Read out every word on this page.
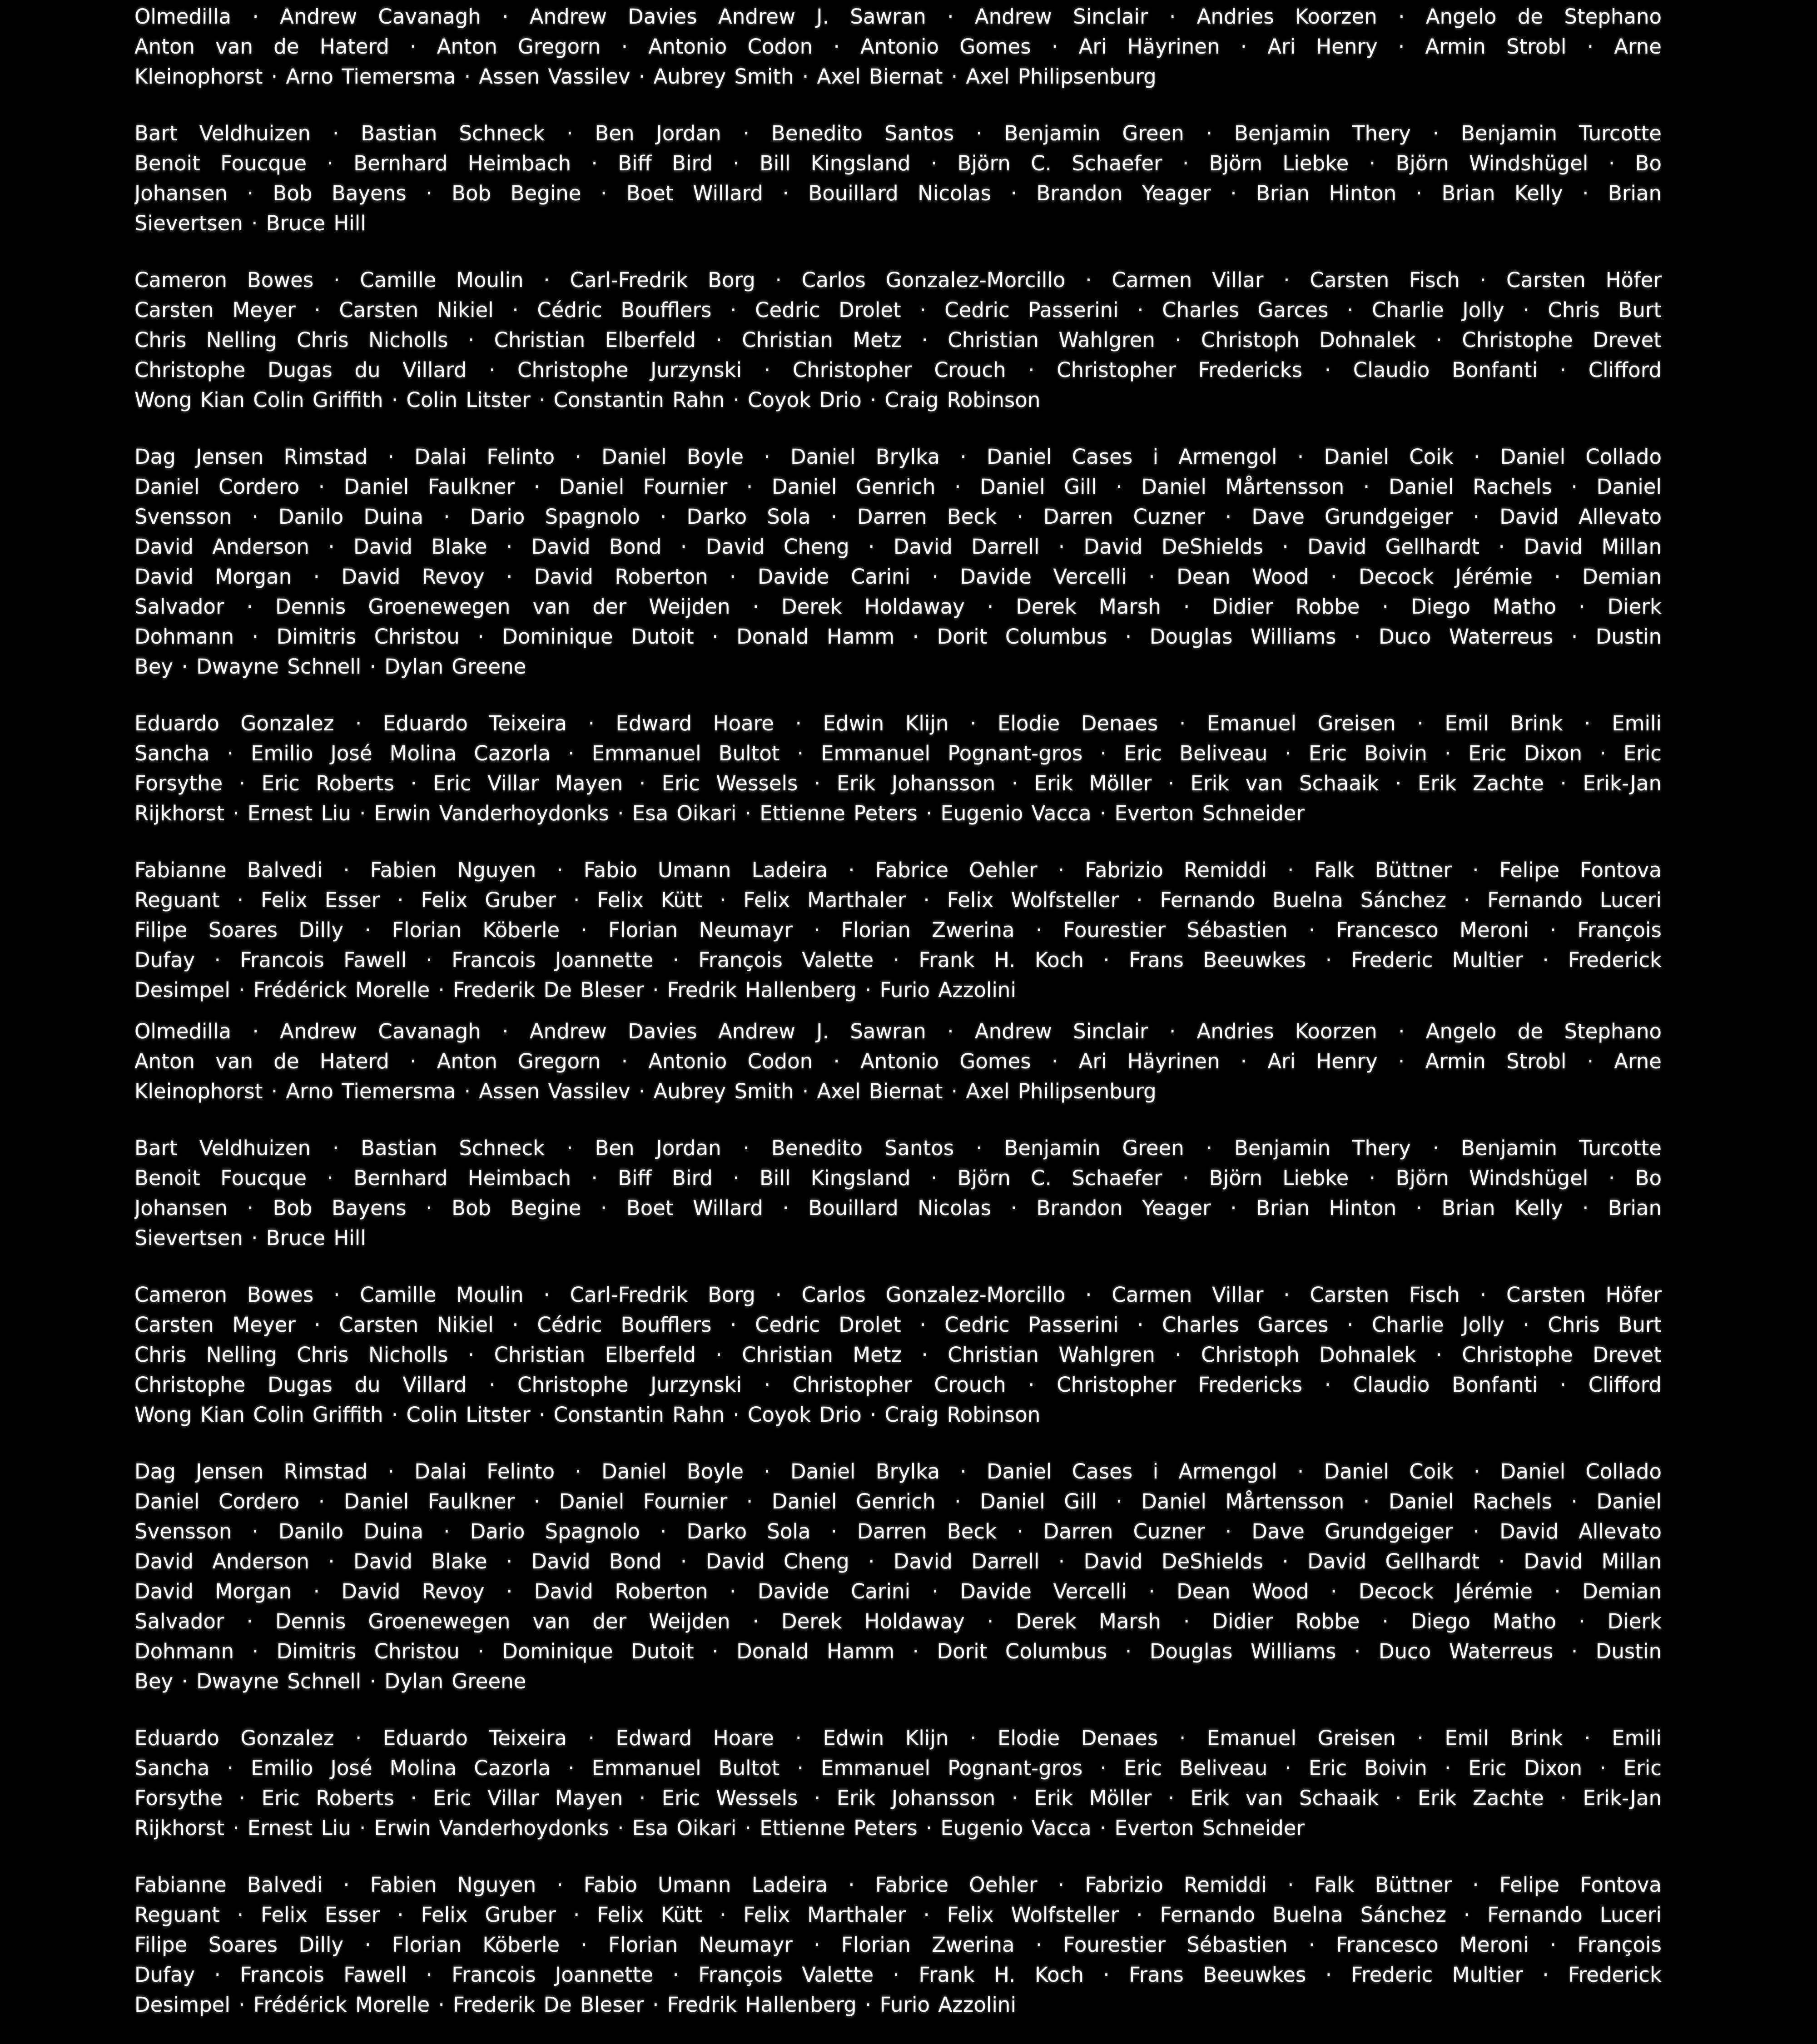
Olmedilla · Andrew Cavanagh · Andrew Davies Andrew J. Sawran · Andrew Sinclair · Andries Koorzen · Angelo de Stephano
Anton van de Haterd · Anton Gregorn · Antonio Codon · Antonio Gomes · Ari Häyrinen · Ari Henry · Armin Strobl · Arne
Kleinophorst · Arno Tiemersma · Assen Vassilev · Aubrey Smith · Axel Biernat · Axel Philipsenburg
Bart Veldhuizen · Bastian Schneck · Ben Jordan · Benedito Santos · Benjamin Green · Benjamin Thery · Benjamin Turcotte
Benoit Foucque · Bernhard Heimbach · Biff Bird · Bill Kingsland · Björn C. Schaefer · Björn Liebke · Björn Windshügel · Bo
Johansen · Bob Bayens · Bob Begine · Boet Willard · Bouillard Nicolas · Brandon Yeager · Brian Hinton · Brian Kelly · Brian
Sievertsen · Bruce Hill
Cameron Bowes · Camille Moulin · Carl-Fredrik Borg · Carlos Gonzalez-Morcillo · Carmen Villar · Carsten Fisch · Carsten Höfer
Carsten Meyer · Carsten Nikiel · Cédric Boufflers · Cedric Drolet · Cedric Passerini · Charles Garces · Charlie Jolly · Chris Burt
Chris Nelling Chris Nicholls · Christian Elberfeld · Christian Metz · Christian Wahlgren · Christoph Dohnalek · Christophe Drevet
Christophe Dugas du Villard · Christophe Jurzynski · Christopher Crouch · Christopher Fredericks · Claudio Bonfanti · Clifford
Wong Kian Colin Griffith · Colin Litster · Constantin Rahn · Coyok Drio · Craig Robinson
Dag Jensen Rimstad · Dalai Felinto · Daniel Boyle · Daniel Brylka · Daniel Cases i Armengol · Daniel Coik · Daniel Collado
Daniel Cordero · Daniel Faulkner · Daniel Fournier · Daniel Genrich · Daniel Gill · Daniel Mårtensson · Daniel Rachels · Daniel
Svensson · Danilo Duina · Dario Spagnolo · Darko Sola · Darren Beck · Darren Cuzner · Dave Grundgeiger · David Allevato
David Anderson · David Blake · David Bond · David Cheng · David Darrell · David DeShields · David Gellhardt · David Millan
David Morgan · David Revoy · David Roberton · Davide Carini · Davide Vercelli · Dean Wood · Decock Jérémie · Demian
Salvador · Dennis Groenewegen van der Weijden · Derek Holdaway · Derek Marsh · Didier Robbe · Diego Matho · Dierk
Dohmann · Dimitris Christou · Dominique Dutoit · Donald Hamm · Dorit Columbus · Douglas Williams · Duco Waterreus · Dustin
Bey · Dwayne Schnell · Dylan Greene
Eduardo Gonzalez · Eduardo Teixeira · Edward Hoare · Edwin Klijn · Elodie Denaes · Emanuel Greisen · Emil Brink · Emili
Sancha · Emilio José Molina Cazorla · Emmanuel Bultot · Emmanuel Pognant-gros · Eric Beliveau · Eric Boivin · Eric Dixon · Eric
Forsythe · Eric Roberts · Eric Villar Mayen · Eric Wessels · Erik Johansson · Erik Möller · Erik van Schaaik · Erik Zachte · Erik-Jan
Rijkhorst · Ernest Liu · Erwin Vanderhoydonks · Esa Oikari · Ettienne Peters · Eugenio Vacca · Everton Schneider
Fabianne Balvedi · Fabien Nguyen · Fabio Umann Ladeira · Fabrice Oehler · Fabrizio Remiddi · Falk Büttner · Felipe Fontova
Reguant · Felix Esser · Felix Gruber · Felix Kütt · Felix Marthaler · Felix Wolfsteller · Fernando Buelna Sánchez · Fernando Luceri
Filipe Soares Dilly · Florian Köberle · Florian Neumayr · Florian Zwerina · Fourestier Sébastien · Francesco Meroni · François
Dufay · Francois Fawell · Francois Joannette · François Valette · Frank H. Koch · Frans Beeuwkes · Frederic Multier · Frederick
Desimpel · Frédérick Morelle · Frederik De Bleser · Fredrik Hallenberg · Furio Azzolini
Olmedilla · Andrew Cavanagh · Andrew Davies Andrew J. Sawran · Andrew Sinclair · Andries Koorzen · Angelo de Stephano
Anton van de Haterd · Anton Gregorn · Antonio Codon · Antonio Gomes · Ari Häyrinen · Ari Henry · Armin Strobl · Arne
Kleinophorst · Arno Tiemersma · Assen Vassilev · Aubrey Smith · Axel Biernat · Axel Philipsenburg
Bart Veldhuizen · Bastian Schneck · Ben Jordan · Benedito Santos · Benjamin Green · Benjamin Thery · Benjamin Turcotte
Benoit Foucque · Bernhard Heimbach · Biff Bird · Bill Kingsland · Björn C. Schaefer · Björn Liebke · Björn Windshügel · Bo
Johansen · Bob Bayens · Bob Begine · Boet Willard · Bouillard Nicolas · Brandon Yeager · Brian Hinton · Brian Kelly · Brian
Sievertsen · Bruce Hill
Cameron Bowes · Camille Moulin · Carl-Fredrik Borg · Carlos Gonzalez-Morcillo · Carmen Villar · Carsten Fisch · Carsten Höfer
Carsten Meyer · Carsten Nikiel · Cédric Boufflers · Cedric Drolet · Cedric Passerini · Charles Garces · Charlie Jolly · Chris Burt
Chris Nelling Chris Nicholls · Christian Elberfeld · Christian Metz · Christian Wahlgren · Christoph Dohnalek · Christophe Drevet
Christophe Dugas du Villard · Christophe Jurzynski · Christopher Crouch · Christopher Fredericks · Claudio Bonfanti · Clifford
Wong Kian Colin Griffith · Colin Litster · Constantin Rahn · Coyok Drio · Craig Robinson
Dag Jensen Rimstad · Dalai Felinto · Daniel Boyle · Daniel Brylka · Daniel Cases i Armengol · Daniel Coik · Daniel Collado
Daniel Cordero · Daniel Faulkner · Daniel Fournier · Daniel Genrich · Daniel Gill · Daniel Mårtensson · Daniel Rachels · Daniel
Svensson · Danilo Duina · Dario Spagnolo · Darko Sola · Darren Beck · Darren Cuzner · Dave Grundgeiger · David Allevato
David Anderson · David Blake · David Bond · David Cheng · David Darrell · David DeShields · David Gellhardt · David Millan
David Morgan · David Revoy · David Roberton · Davide Carini · Davide Vercelli · Dean Wood · Decock Jérémie · Demian
Salvador · Dennis Groenewegen van der Weijden · Derek Holdaway · Derek Marsh · Didier Robbe · Diego Matho · Dierk
Dohmann · Dimitris Christou · Dominique Dutoit · Donald Hamm · Dorit Columbus · Douglas Williams · Duco Waterreus · Dustin
Bey · Dwayne Schnell · Dylan Greene
Eduardo Gonzalez · Eduardo Teixeira · Edward Hoare · Edwin Klijn · Elodie Denaes · Emanuel Greisen · Emil Brink · Emili
Sancha · Emilio José Molina Cazorla · Emmanuel Bultot · Emmanuel Pognant-gros · Eric Beliveau · Eric Boivin · Eric Dixon · Eric
Forsythe · Eric Roberts · Eric Villar Mayen · Eric Wessels · Erik Johansson · Erik Möller · Erik van Schaaik · Erik Zachte · Erik-Jan
Rijkhorst · Ernest Liu · Erwin Vanderhoydonks · Esa Oikari · Ettienne Peters · Eugenio Vacca · Everton Schneider
Fabianne Balvedi · Fabien Nguyen · Fabio Umann Ladeira · Fabrice Oehler · Fabrizio Remiddi · Falk Büttner · Felipe Fontova
Reguant · Felix Esser · Felix Gruber · Felix Kütt · Felix Marthaler · Felix Wolfsteller · Fernando Buelna Sánchez · Fernando Luceri
Filipe Soares Dilly · Florian Köberle · Florian Neumayr · Florian Zwerina · Fourestier Sébastien · Francesco Meroni · François
Dufay · Francois Fawell · Francois Joannette · François Valette · Frank H. Koch · Frans Beeuwkes · Frederic Multier · Frederick
Desimpel · Frédérick Morelle · Frederik De Bleser · Fredrik Hallenberg · Furio Azzolini
